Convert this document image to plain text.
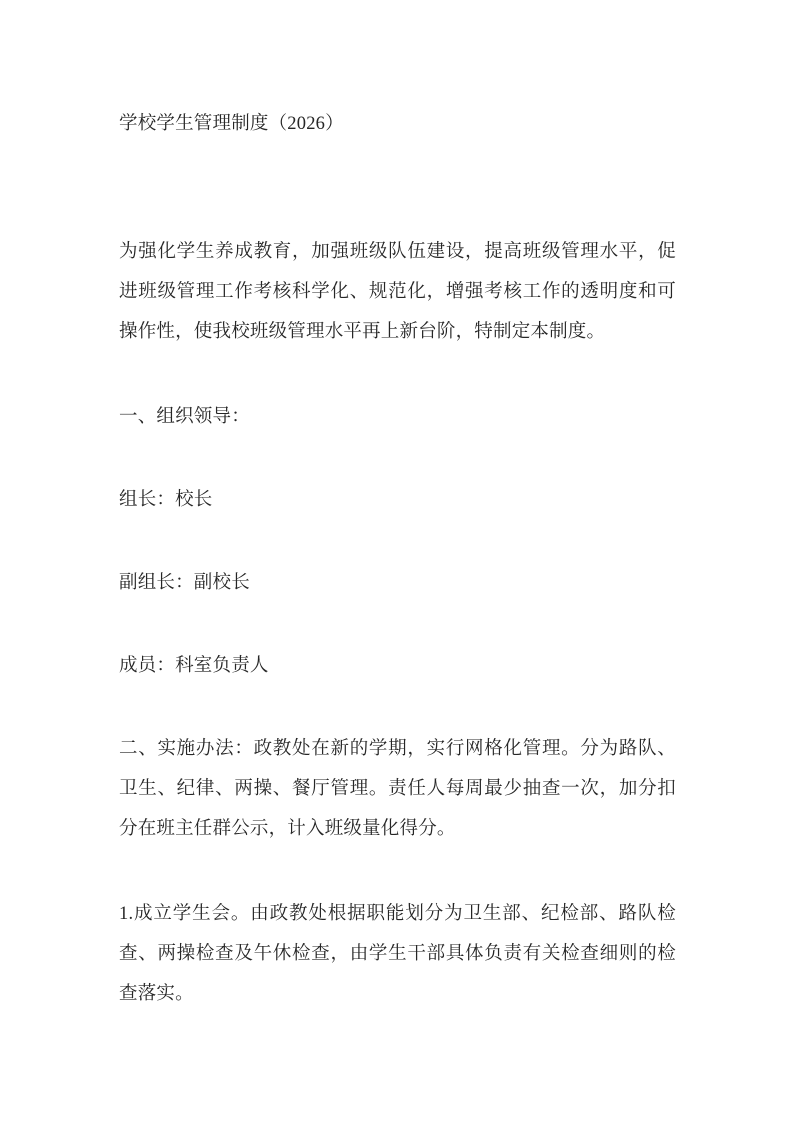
学校学生管理制度（2026）

为强化学生养成教育，加强班级队伍建设，提高班级管理水平，促进班级管理工作考核科学化、规范化，增强考核工作的透明度和可操作性，使我校班级管理水平再上新台阶，特制定本制度。

一、组织领导：

组长：校长

副组长：副校长

成员：科室负责人

二、实施办法：政教处在新的学期，实行网格化管理。分为路队、卫生、纪律、两操、餐厅管理。责任人每周最少抽查一次，加分扣分在班主任群公示，计入班级量化得分。

1.成立学生会。由政教处根据职能划分为卫生部、纪检部、路队检查、两操检查及午休检查，由学生干部具体负责有关检查细则的检查落实。
